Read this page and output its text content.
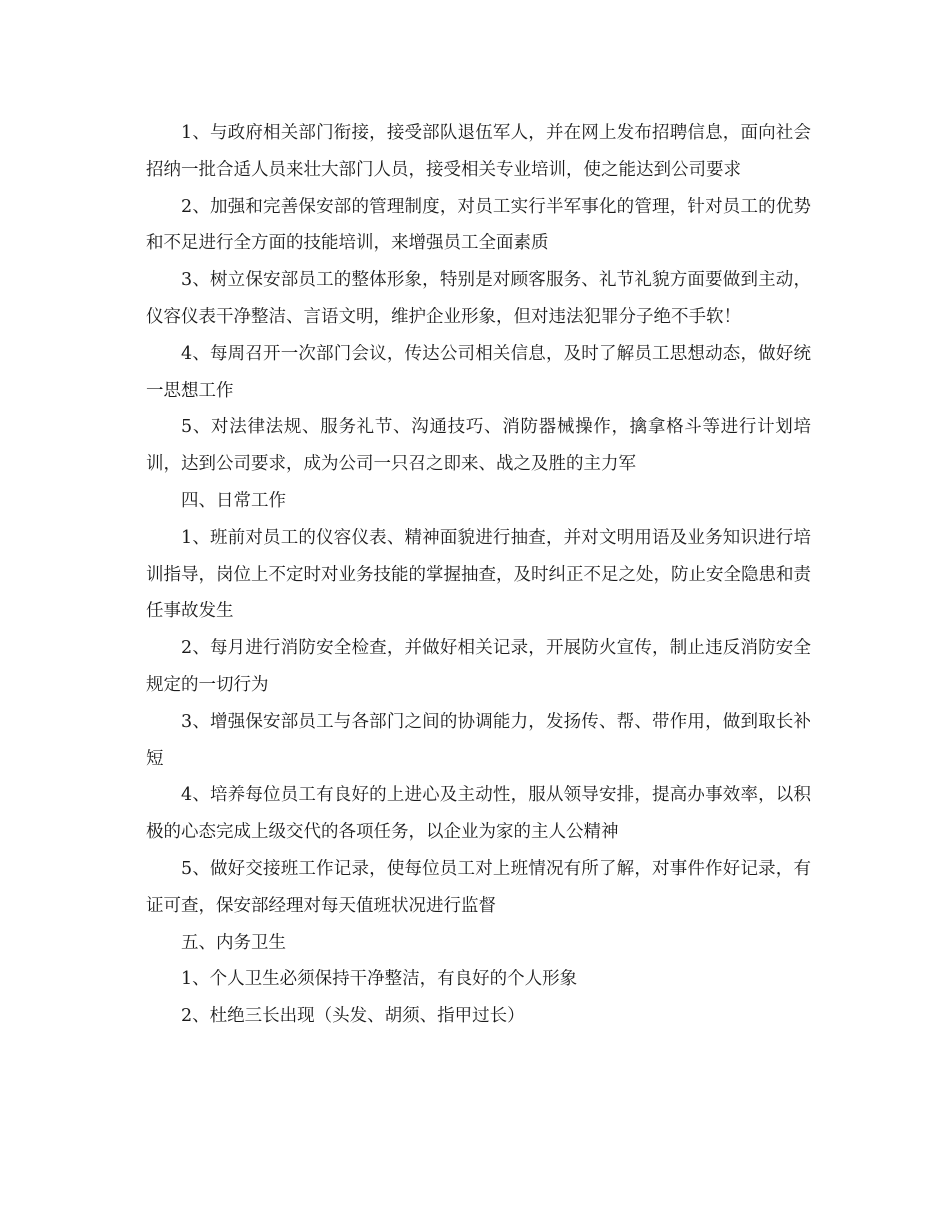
1、与政府相关部门衔接，接受部队退伍军人，并在网上发布招聘信息，面向社会招纳一批合适人员来壮大部门人员，接受相关专业培训，使之能达到公司要求

2、加强和完善保安部的管理制度，对员工实行半军事化的管理，针对员工的优势和不足进行全方面的技能培训，来增强员工全面素质

3、树立保安部员工的整体形象，特别是对顾客服务、礼节礼貌方面要做到主动，仪容仪表干净整洁、言语文明，维护企业形象，但对违法犯罪分子绝不手软！

4、每周召开一次部门会议，传达公司相关信息，及时了解员工思想动态，做好统一思想工作

5、对法律法规、服务礼节、沟通技巧、消防器械操作，擒拿格斗等进行计划培训，达到公司要求，成为公司一只召之即来、战之及胜的主力军

四、日常工作

1、班前对员工的仪容仪表、精神面貌进行抽查，并对文明用语及业务知识进行培训指导，岗位上不定时对业务技能的掌握抽查，及时纠正不足之处，防止安全隐患和责任事故发生

2、每月进行消防安全检查，并做好相关记录，开展防火宣传，制止违反消防安全规定的一切行为

3、增强保安部员工与各部门之间的协调能力，发扬传、帮、带作用，做到取长补短

4、培养每位员工有良好的上进心及主动性，服从领导安排，提高办事效率，以积极的心态完成上级交代的各项任务，以企业为家的主人公精神

5、做好交接班工作记录，使每位员工对上班情况有所了解，对事件作好记录，有证可查，保安部经理对每天值班状况进行监督

五、内务卫生

1、个人卫生必须保持干净整洁，有良好的个人形象

2、杜绝三长出现（头发、胡须、指甲过长）
